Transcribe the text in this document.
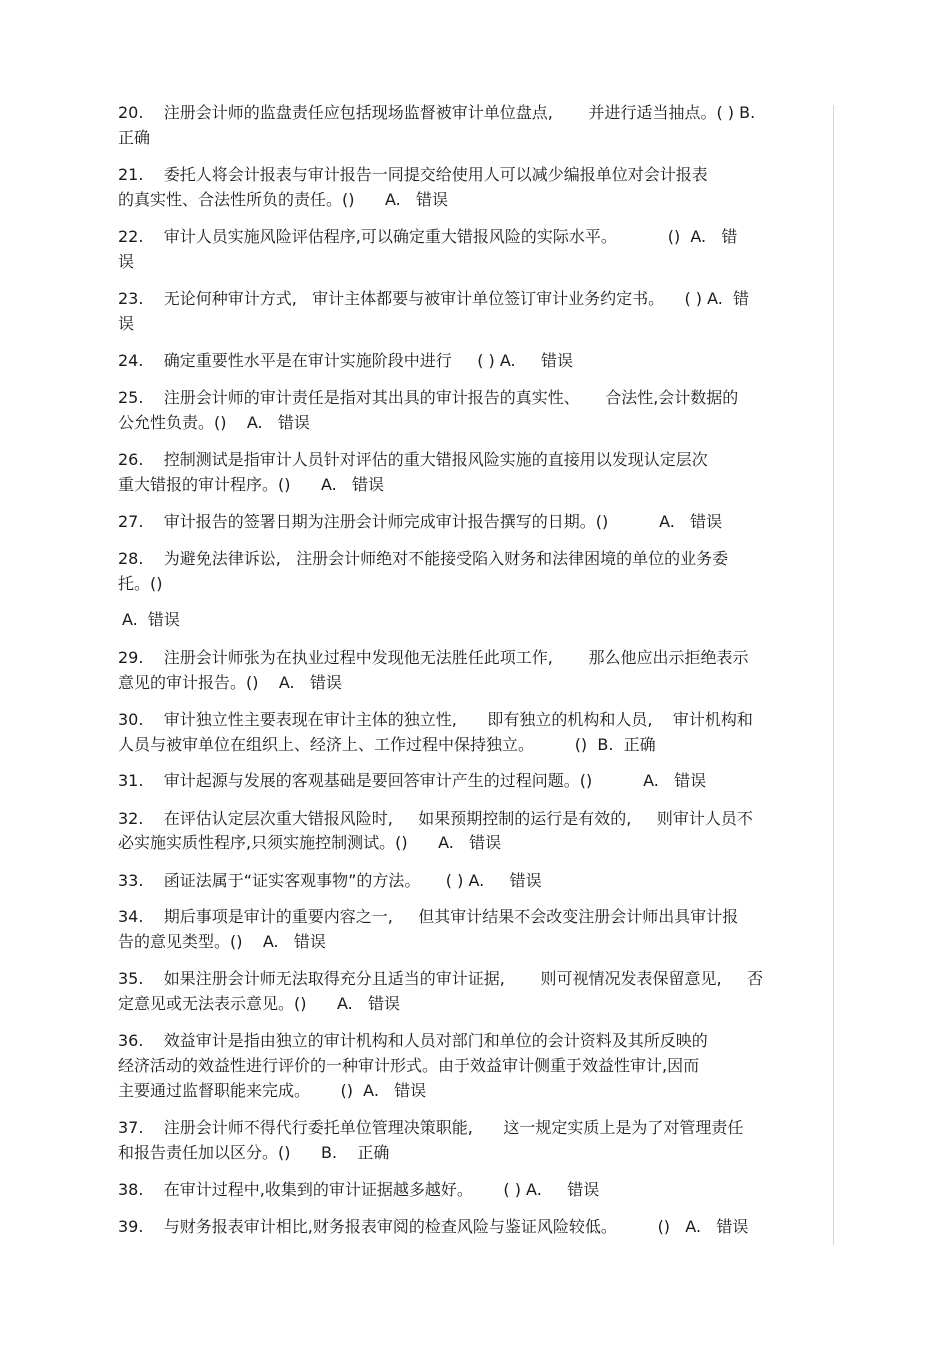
20.    注册会计师的监盘责任应包括现场监督被审计单位盘点,       并进行适当抽点。( ) B.
正确
21.    委托人将会计报表与审计报告一同提交给使用人可以减少编报单位对会计报表
的真实性、合法性所负的责任。()      A.   错误
22.    审计人员实施风险评估程序,可以确定重大错报风险的实际水平。          ()  A.   错
误
23.    无论何种审计方式,   审计主体都要与被审计单位签订审计业务约定书。    ( ) A.  错
误
24.    确定重要性水平是在审计实施阶段中进行     ( ) A.     错误
25.    注册会计师的审计责任是指对其出具的审计报告的真实性、     合法性,会计数据的
公允性负责。()    A.   错误
26.    控制测试是指审计人员针对评估的重大错报风险实施的直接用以发现认定层次
重大错报的审计程序。()      A.   错误
27.    审计报告的签署日期为注册会计师完成审计报告撰写的日期。()          A.   错误
28.    为避免法律诉讼,   注册会计师绝对不能接受陷入财务和法律困境的单位的业务委
托。()
A.  错误
29.    注册会计师张为在执业过程中发现他无法胜任此项工作,       那么他应出示拒绝表示
意见的审计报告。()    A.   错误
30.    审计独立性主要表现在审计主体的独立性,      即有独立的机构和人员,    审计机构和
人员与被审单位在组织上、经济上、工作过程中保持独立。        ()  B.  正确
31.    审计起源与发展的客观基础是要回答审计产生的过程问题。()          A.   错误
32.    在评估认定层次重大错报风险时,     如果预期控制的运行是有效的,     则审计人员不
必实施实质性程序,只须实施控制测试。()      A.   错误
33.    函证法属于“证实客观事物”的方法。     ( ) A.     错误
34.    期后事项是审计的重要内容之一,     但其审计结果不会改变注册会计师出具审计报
告的意见类型。()    A.   错误
35.    如果注册会计师无法取得充分且适当的审计证据,       则可视情况发表保留意见,     否
定意见或无法表示意见。()      A.   错误
36.    效益审计是指由独立的审计机构和人员对部门和单位的会计资料及其所反映的
经济活动的效益性进行评价的一种审计形式。由于效益审计侧重于效益性审计,因而
主要通过监督职能来完成。      ()  A.   错误
37.    注册会计师不得代行委托单位管理决策职能,      这一规定实质上是为了对管理责任
和报告责任加以区分。()      B.    正确
38.    在审计过程中,收集到的审计证据越多越好。      ( ) A.     错误
39.    与财务报表审计相比,财务报表审阅的检查风险与鉴证风险较低。        ()   A.   错误
